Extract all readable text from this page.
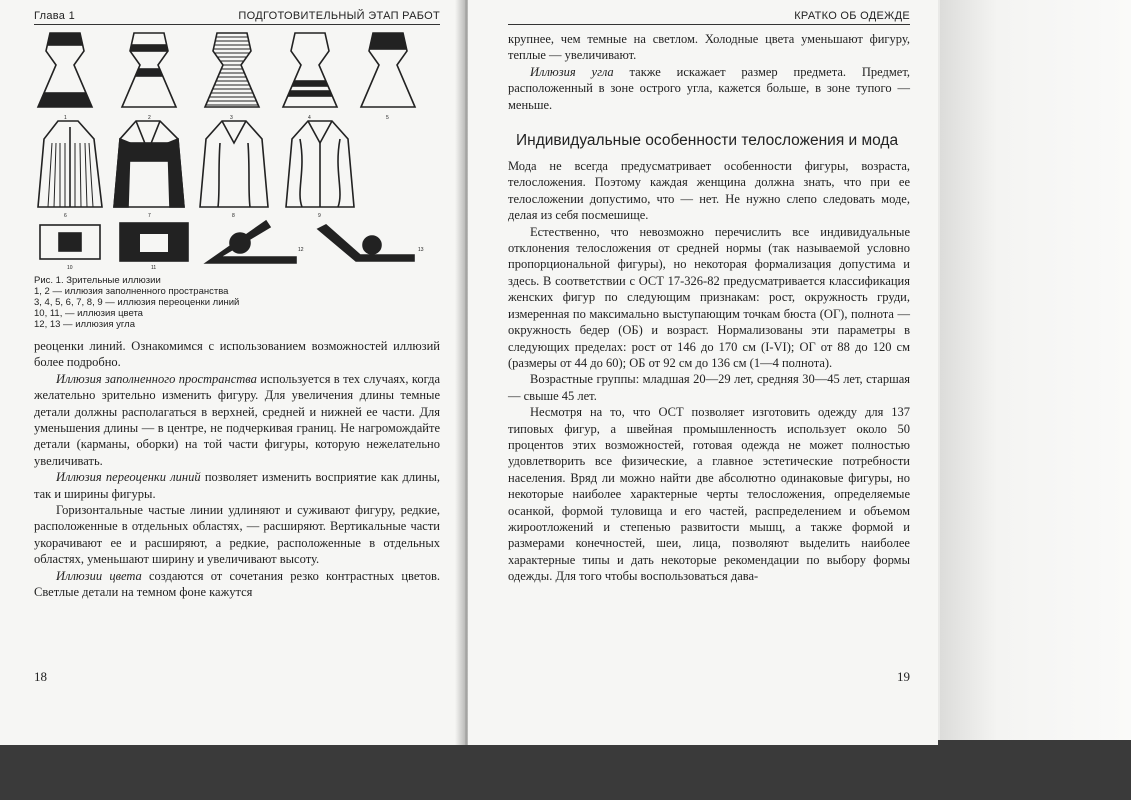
Глава 1	ПОДГОТОВИТЕЛЬНЫЙ ЭТАП РАБОТ
1	2	3	4	5
6	7	8	9
10	11
12	13
Рис. 1. Зрительные иллюзии
1, 2 — иллюзия заполненного пространства
3, 4, 5, 6, 7, 8, 9 — иллюзия переоценки линий
10, 11, — иллюзия цвета
12, 13 — иллюзия угла

реоценки линий. Ознакомимся с использованием возможностей иллюзий более подробно.

Иллюзия заполненного пространства используется в тех случаях, когда желательно зрительно изменить фигуру. Для увеличения длины темные детали должны располагаться в верхней, средней и нижней ее части. Для уменьшения длины — в центре, не подчеркивая границ. Не нагромождайте детали (карманы, оборки) на той части фигуры, которую нежелательно увеличивать.

Иллюзия переоценки линий позволяет изменить восприятие как длины, так и ширины фигуры.

Горизонтальные частые линии удлиняют и суживают фигуру, редкие, расположенные в отдельных областях, — расширяют. Вертикальные части укорачивают ее и расширяют, а редкие, расположенные в отдельных областях, уменьшают ширину и увеличивают высоту.

Иллюзии цвета создаются от сочетания резко контрастных цветов. Светлые детали на темном фоне кажутся

18
КРАТКО ОБ ОДЕЖДЕ

крупнее, чем темные на светлом. Холодные цвета уменьшают фигуру, теплые — увеличивают.

Иллюзия угла также искажает размер предмета. Предмет, расположенный в зоне острого угла, кажется больше, в зоне тупого — меньше.

Индивидуальные особенности телосложения и мода

Мода не всегда предусматривает особенности фигуры, возраста, телосложения. Поэтому каждая женщина должна знать, что при ее телосложении допустимо, что — нет. Не нужно слепо следовать моде, делая из себя посмешище.

Естественно, что невозможно перечислить все индивидуальные отклонения телосложения от средней нормы (так называемой условно пропорциональной фигуры), но некоторая формализация допустима и здесь. В соответствии с ОСТ 17-326-82 предусматривается классификация женских фигур по следующим признакам: рост, окружность груди, измеренная по максимально выступающим точкам бюста (ОГ), полнота — окружность бедер (ОБ) и возраст. Нормализованы эти параметры в следующих пределах: рост от 146 до 170 см (I-VI); ОГ от 88 до 120 см (размеры от 44 до 60); ОБ от 92 см до 136 см (1—4 полнота).

Возрастные группы: младшая 20—29 лет, средняя 30—45 лет, старшая — свыше 45 лет.

Несмотря на то, что ОСТ позволяет изготовить одежду для 137 типовых фигур, а швейная промышленность использует около 50 процентов этих возможностей, готовая одежда не может полностью удовлетворить все физические, а главное эстетические потребности населения. Вряд ли можно найти две абсолютно одинаковые фигуры, но некоторые наиболее характерные черты телосложения, определяемые осанкой, формой туловища и его частей, распределением и объемом жироотложений и степенью развитости мышц, а также формой и размерами конечностей, шеи, лица, позволяют выделить наиболее характерные типы и дать некоторые рекомендации по выбору формы одежды. Для того чтобы воспользоваться дава-

19
